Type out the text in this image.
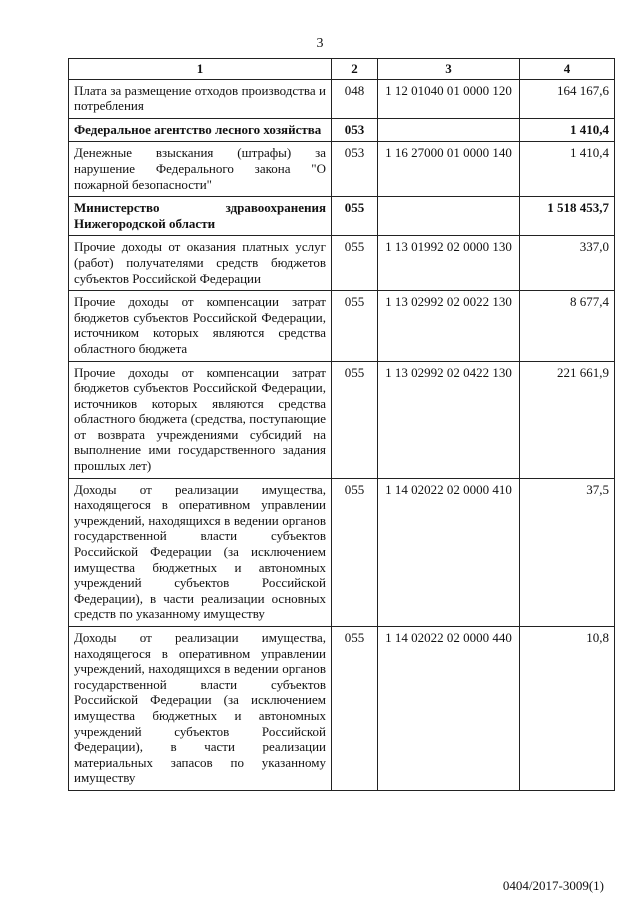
3
1	2	3	4
Плата за размещение отходов производства и потребления	048	1 12 01040 01 0000 120	164 167,6
Федеральное агентство лесного хозяйства	053		1 410,4
Денежные взыскания (штрафы) за нарушение Федерального закона "О пожарной безопасности"	053	1 16 27000 01 0000 140	1 410,4
Министерство здравоохранения Нижегородской области	055		1 518 453,7
Прочие доходы от оказания платных услуг (работ) получателями средств бюджетов субъектов Российской Федерации	055	1 13 01992 02 0000 130	337,0
Прочие доходы от компенсации затрат бюджетов субъектов Российской Федерации, источником которых являются средства областного бюджета	055	1 13 02992 02 0022 130	8 677,4
Прочие доходы от компенсации затрат бюджетов субъектов Российской Федерации, источников которых являются средства областного бюджета (средства, поступающие от возврата учреждениями субсидий на выполнение ими государственного задания прошлых лет)	055	1 13 02992 02 0422 130	221 661,9
Доходы от реализации имущества, находящегося в оперативном управлении учреждений, находящихся в ведении органов государственной власти субъектов Российской Федерации (за исключением имущества бюджетных и автономных учреждений субъектов Российской Федерации), в части реализации основных средств по указанному имуществу	055	1 14 02022 02 0000 410	37,5
Доходы от реализации имущества, находящегося в оперативном управлении учреждений, находящихся в ведении органов государственной власти субъектов Российской Федерации (за исключением имущества бюджетных и автономных учреждений субъектов Российской Федерации), в части реализации материальных запасов по указанному имуществу	055	1 14 02022 02 0000 440	10,8
0404/2017-3009(1)
